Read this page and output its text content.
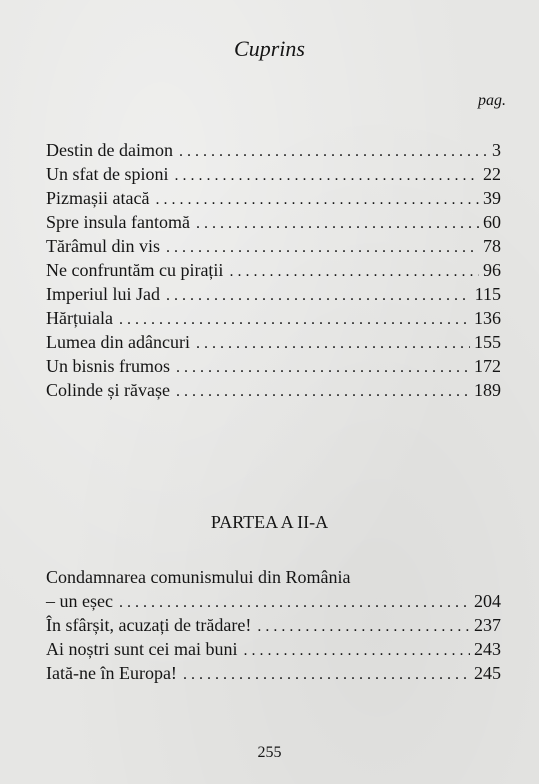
Cuprins
pag.
Destin de daimon . . .	3
Un sfat de spioni . . .	22
Pizmașii atacă . . .	39
Spre insula fantomă . . .	60
Tărâmul din vis . . .	78
Ne confruntăm cu pirații . . .	96
Imperiul lui Jad . . .	115
Hărțuiala . . .	136
Lumea din adâncuri . . .	155
Un bisnis frumos . . .	172
Colinde și răvașe . . .	189
PARTEA A II-A
Condamnarea comunismului din România
– un eșec . . .	204
În sfârșit, acuzați de trădare! . . .	237
Ai noștri sunt cei mai buni . . .	243
Iată-ne în Europa! . . .	245
255
